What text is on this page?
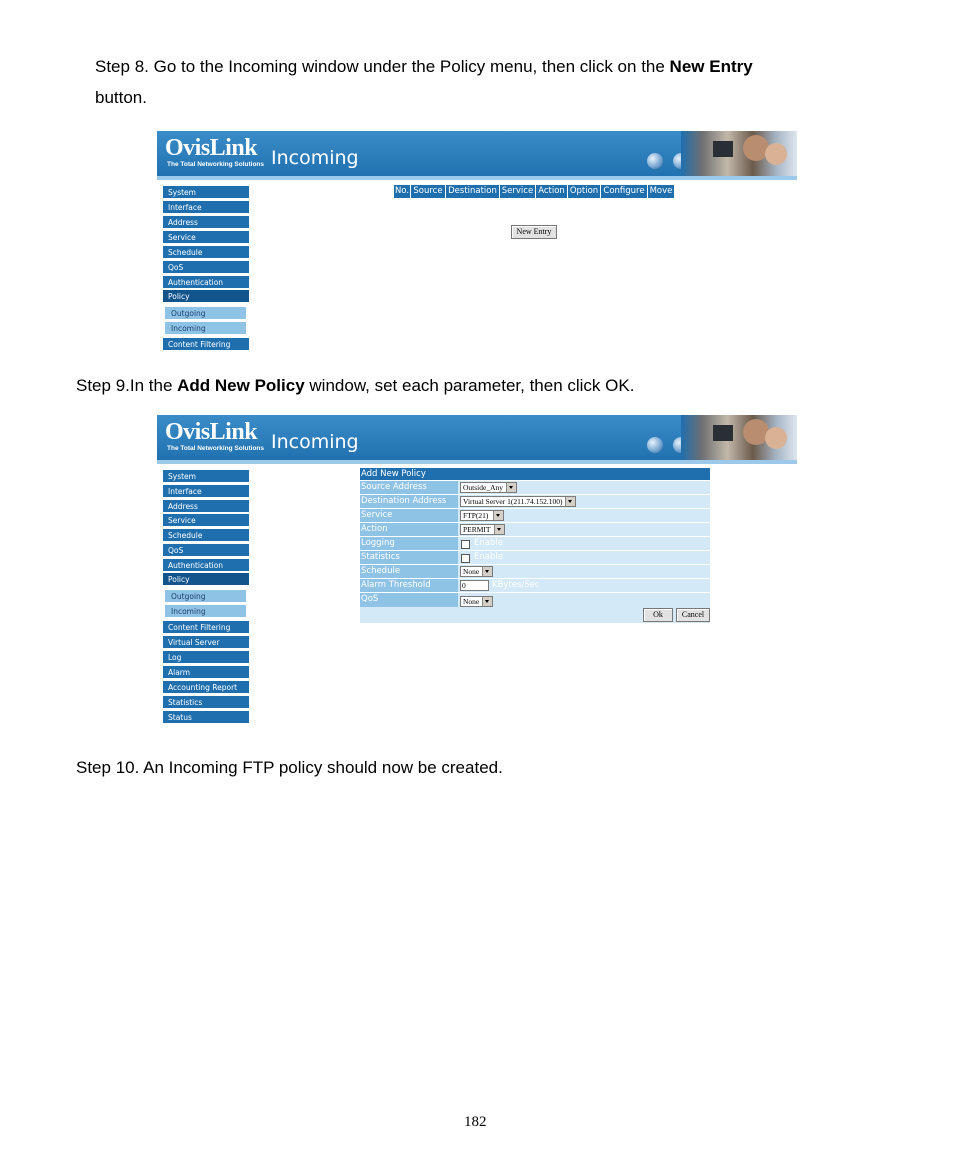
Step 8. Go to the Incoming window under the Policy menu, then click on the New Entry
button.
OvisLink
The Total Networking Solutions Incoming
System
Interface
Address
Service
Schedule
QoS
Authentication
Policy
Outgoing
Incoming
Content Filtering
No. Source Destination Service Action Option Configure Move
New Entry
Step 9.In the Add New Policy window, set each parameter, then click OK.
OvisLink
The Total Networking Solutions Incoming
System
Interface
Address
Service
Schedule
QoS
Authentication
Policy
Outgoing
Incoming
Content Filtering
Virtual Server
Log
Alarm
Accounting Report
Statistics
Status
Add New Policy
Source Address	Outside_Any
Destination Address	Virtual Server 1(211.74.152.100)
Service	FTP(21)
Action	PERMIT
Logging	Enable
Statistics	Enable
Schedule	None
Alarm Threshold	0	KBytes/Sec
QoS	None
Ok	Cancel
Step 10. An Incoming FTP policy should now be created.
182
